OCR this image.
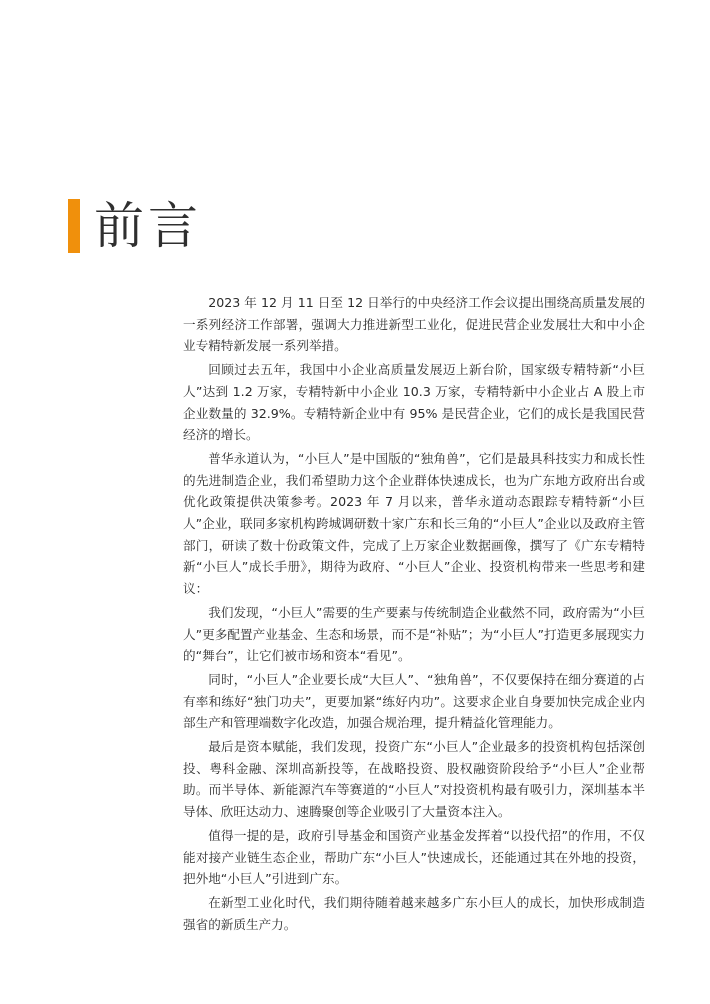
前言

2023 年 12 月 11 日至 12 日举行的中央经济工作会议提出围绕高质量发展的一系列经济工作部署，强调大力推进新型工业化，促进民营企业发展壮大和中小企业专精特新发展一系列举措。

回顾过去五年，我国中小企业高质量发展迈上新台阶，国家级专精特新“小巨人”达到 1.2 万家，专精特新中小企业 10.3 万家，专精特新中小企业占 A 股上市企业数量的 32.9%。专精特新企业中有 95% 是民营企业，它们的成长是我国民营经济的增长。

普华永道认为，“小巨人”是中国版的“独角兽”，它们是最具科技实力和成长性的先进制造企业，我们希望助力这个企业群体快速成长，也为广东地方政府出台或优化政策提供决策参考。2023 年 7 月以来，普华永道动态跟踪专精特新“小巨人”企业，联同多家机构跨城调研数十家广东和长三角的“小巨人”企业以及政府主管部门，研读了数十份政策文件，完成了上万家企业数据画像，撰写了《广东专精特新“小巨人”成长手册》，期待为政府、“小巨人”企业、投资机构带来一些思考和建议：

我们发现，“小巨人”需要的生产要素与传统制造企业截然不同，政府需为“小巨人”更多配置产业基金、生态和场景，而不是“补贴”；为“小巨人”打造更多展现实力的“舞台”，让它们被市场和资本“看见”。

同时，“小巨人”企业要长成“大巨人”、“独角兽”，不仅要保持在细分赛道的占有率和练好“独门功夫”，更要加紧“练好内功”。这要求企业自身要加快完成企业内部生产和管理端数字化改造，加强合规治理，提升精益化管理能力。

最后是资本赋能，我们发现，投资广东“小巨人”企业最多的投资机构包括深创投、粤科金融、深圳高新投等，在战略投资、股权融资阶段给予“小巨人”企业帮助。而半导体、新能源汽车等赛道的“小巨人”对投资机构最有吸引力，深圳基本半导体、欣旺达动力、速腾聚创等企业吸引了大量资本注入。

值得一提的是，政府引导基金和国资产业基金发挥着“以投代招”的作用，不仅能对接产业链生态企业，帮助广东“小巨人”快速成长，还能通过其在外地的投资，把外地“小巨人”引进到广东。

在新型工业化时代，我们期待随着越来越多广东小巨人的成长，加快形成制造强省的新质生产力。
